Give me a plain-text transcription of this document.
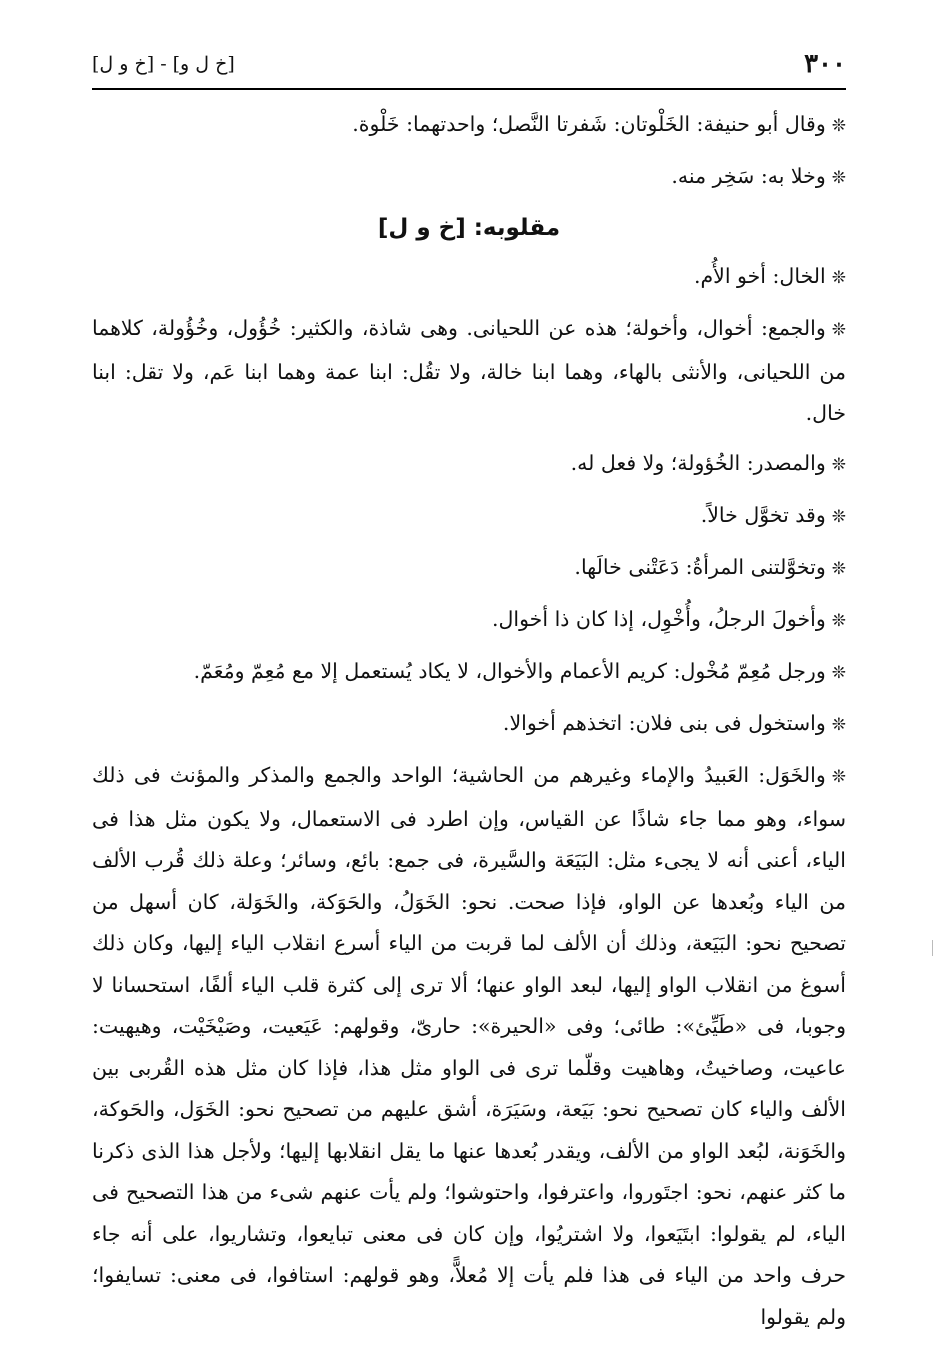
٣٠٠
[خ ل و] - [خ و ل]

❊وقال أبو حنيفة: الخَلْوتان: شَفرتا النَّصل؛ واحدتهما: خَلْوة.

❊وخلا به: سَخِر منه.

مقلوبه: [خ و ل]

❊الخال: أخو الأُم.

❊والجمع: أخوال، وأخولة؛ هذه عن اللحيانى. وهى شاذة، والكثير: خُؤُول، وخُؤُولة، كلاهما من اللحيانى، والأنثى بالهاء، وهما ابنا خالة، ولا تقُل: ابنا عمة وهما ابنا عَم، ولا تقل: ابنا خال.

❊والمصدر: الخُؤولة؛ ولا فعل له.

❊وقد تخوَّل خالاً.

❊وتخوَّلتنى المرأةُ: دَعَتْنى خالَها.

❊وأخولَ الرجلُ، وأُخْوِل، إذا كان ذا أخوال.

❊ورجل مُعِمّ مُخْول: كريم الأعمام والأخوال، لا يكاد يُستعمل إلا مع مُعِمّ ومُعَمّ.

❊واستخول فى بنى فلان: اتخذهم أخوالا.

❊والخَوَل: العَبيدُ والإماء وغيرهم من الحاشية؛ الواحد والجمع والمذكر والمؤنث فى ذلك سواء، وهو مما جاء شاذًا عن القياس، وإن اطرد فى الاستعمال، ولا يكون مثل هذا فى الياء، أعنى أنه لا يجىء مثل: البَيَعَة والسَّيرة، فى جمع: بائع، وسائر؛ وعلة ذلك قُرب الألف من الياء وبُعدها عن الواو، فإذا صحت. نحو: الخَوَلُ، والحَوَكة، والخَوَلة، كان أسهل من تصحيح نحو: البَيَعة، وذلك أن الألف لما قربت من الياء أسرع انقلاب الياء إليها، وكان ذلك أسوغ من انقلاب الواو إليها، لبعد الواو عنها؛ ألا ترى إلى كثرة قلب الياء ألفًا، استحسانا لا وجوبا، فى «طَيِّئ»: طائى؛ وفى «الحيرة»: حارىّ، وقولهم: عَيَعيت، وصَيْخَيْت، وهيهيت: عاعيت، وصاخيتُ، وهاهيت وقلّما ترى فى الواو مثل هذا، فإذا كان مثل هذه القُربى بين الألف والياء كان تصحيح نحو: بَيَعة، وسَيَرَة، أشق عليهم من تصحيح نحو: الخَوَل، والحَوكة، والخَوَنة، لبُعد الواو من الألف، ويقدر بُعدها عنها ما يقل انقلابها إليها؛ ولأجل هذا الذى ذكرنا ما كثر عنهم، نحو: اجتَوروا، واعترفوا، واحتوشوا؛ ولم يأت عنهم شىء من هذا التصحيح فى الياء، لم يقولوا: ابتَيَعوا، ولا اشتريُوا، وإن كان فى معنى تبايعوا، وتشاريوا، على أنه جاء حرف واحد من الياء فى هذا فلم يأت إلا مُعلاًّ، وهو قولهم: استافوا، فى معنى: تسايفوا؛ ولم يقولوا
